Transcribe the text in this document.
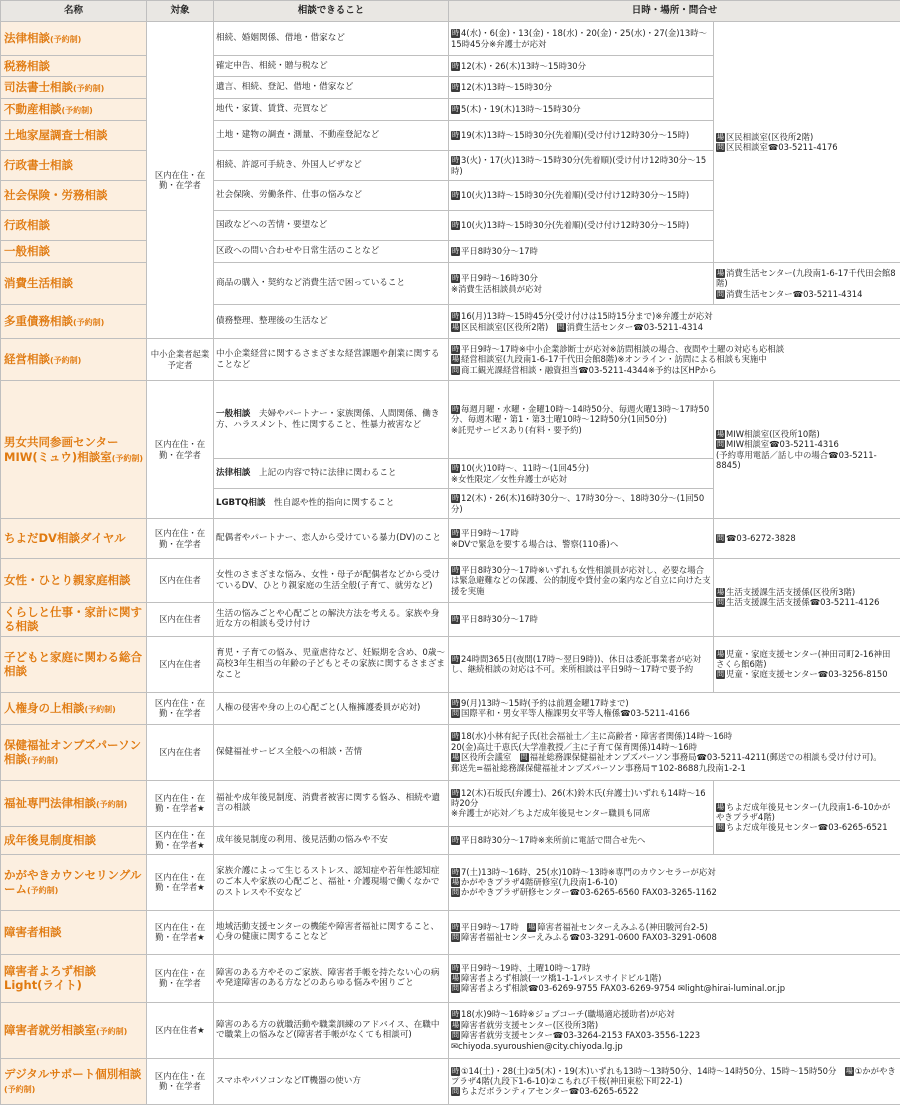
名称	対象	相談できること	日時・場所・問合せ	
法律相談(予約制)	区内在住・在勤・在学者	相続、婚姻関係、借地・借家など	時 4(水)・6(金)・13(金)・18(水)・20(金)・25(水)・27(金)13時〜15時45分※弁護士が応対	場 区民相談室(区役所2階)
問 区民相談室☎03-5211-4176

税務相談		確定申告、相続・贈与税など	時 12(木)・26(木)13時〜15時30分	
司法書士相談(予約制)		遺言、相続、登記、借地・借家など	時 12(木)13時〜15時30分	
不動産相談(予約制)		地代・家賃、賃貸、売買など	時 5(木)・19(木)13時〜15時30分	
土地家屋調査士相談		土地・建物の調査・測量、不動産登記など	時 19(木)13時〜15時30分(先着順)(受け付け12時30分〜15時)	
行政書士相談		相続、許認可手続き、外国人ビザなど	時 3(火)・17(火)13時〜15時30分(先着順)(受け付け12時30分〜15時)	
社会保険・労務相談		社会保険、労働条件、仕事の悩みなど	時 10(火)13時〜15時30分(先着順)(受け付け12時30分〜15時)	
行政相談		国政などへの苦情・要望など	時 10(火)13時〜15時30分(先着順)(受け付け12時30分〜15時)	
一般相談		区政への問い合わせや日常生活のことなど	時 平日8時30分〜17時	
消費生活相談		商品の購入・契約など消費生活で困っていること	時 平日9時〜16時30分
※消費生活相談員が応対	場 消費生活センター(九段南1-6-17千代田会館8階)
問 消費生活センター☎03-5211-4314

多重債務相談(予約制)		債務整理、整理後の生活など	時 16(月)13時〜15時45分(受け付けは15時15分まで)※弁護士が応対
場 区民相談室(区役所2階)　 問 消費生活センター☎03-5211-4314	

経営相談(予約制)	中小企業者起業予定者	中小企業経営に関するさまざまな経営課題や創業に関することなど	時 平日9時〜17時※中小企業診断士が応対※訪問相談の場合、夜間や土曜の対応も応相談
場 経営相談室(九段南1-6-17千代田会館8階)※オンライン・訪問による相談も実施中
問 商工観光課経営相談・融資担当☎03-5211-4344※予約は区HPから	

男女共同参画センターMIW(ミュウ)相談室(予約制)	区内在住・在勤・在学者	一般相談　 夫婦やパートナー・家族関係、人間関係、働き方、ハラスメント、性に関すること、性暴力被害など	時 毎週月曜・水曜・金曜10時〜14時50分、毎週火曜13時〜17時50分、毎週木曜・第1・第3土曜10時〜12時50分(1回50分)
※託児サービスあり(有料・要予約)	場 MIW相談室(区役所10階)
問 MIW相談室☎03-5211-4316
(予約専用電話／話し中の場合☎03-5211-8845)

		法律相談　 上記の内容で特に法律に関わること	時 10(火)10時〜、11時〜(1回45分)
※女性限定／女性弁護士が応対	

		LGBTQ相談　 性自認や性的指向に関すること	時 12(木)・26(木)16時30分〜、17時30分〜、18時30分〜(1回50分)	
ちよだDV相談ダイヤル	区内在住・在勤・在学者	配偶者やパートナー、恋人から受けている暴力(DV)のこと	時 平日9時〜17時
※DVで緊急を要する場合は、警察(110番)へ	問 ☎03-6272-3828
女性・ひとり親家庭相談	区内在住者	女性のさまざまな悩み、女性・母子が配偶者などから受けているDV、ひとり親家庭の生活全般(子育て、就労など)	時 平日8時30分〜17時※いずれも女性相談員が応対し、必要な場合は緊急避難などの保護、公的制度や貸付金の案内など自立に向けた支援を実施	場 生活支援課生活支援係(区役所3階)
問 生活支援課生活支援係☎03-5211-4126

くらしと仕事・家計に関する相談	区内在住者	生活の悩みごとや心配ごとの解決方法を考える。家族や身近な方の相談も受け付け	時 平日8時30分〜17時	
子どもと家庭に関わる総合相談	区内在住者	育児・子育ての悩み、児童虐待など、妊娠期を含め、0歳〜高校3年生相当の年齢の子どもとその家族に関するさまざまなこと	時 24時間365日(夜間(17時〜翌日9時))、休日は委託事業者が応対し、継続相談の対応は不可。来所相談は平日9時〜17時で要予約	場 児童・家庭支援センター(神田司町2-16神田さくら館6階)
問 児童・家庭支援センター☎03-3256-8150

人権身の上相談(予約制)	区内在住・在勤・在学者	人権の侵害や身の上の心配ごと(人権擁護委員が応対)	時 9(月)13時〜15時(予約は前週金曜17時まで)
問 国際平和・男女平等人権課男女平等人権係☎03-5211-4166	

保健福祉オンブズパーソン相談(予約制)	区内在住者	保健福祉サービス全般への相談・苦情	時 18(水)小林有紀子氏(社会福祉士／主に高齢者・障害者関係)14時〜16時
20(金)高辻千恵氏(大学准教授／主に子育て保育関係)14時〜16時
場 区役所会議室　 問 福祉総務課保健福祉オンブズパーソン事務局☎03-5211-4211(郵送での相談も受け付け可)。
郵送先=福祉総務課保健福祉オンブズパーソン事務局〒102-8688九段南1-2-1	

福祉専門法律相談(予約制)	区内在住・在勤・在学者★	福祉や成年後見制度、消費者被害に関する悩み、相続や遺言の相談	時 12(木)石坂氏(弁護士)、26(木)鈴木氏(弁護士)いずれも14時〜16時20分
※弁護士が応対／ちよだ成年後見センター職員も同席	場 ちよだ成年後見センター(九段南1-6-10かがやきプラザ4階)
問 ちよだ成年後見センター☎03-6265-6521

成年後見制度相談	区内在住・在勤・在学者★	成年後見制度の利用、後見活動の悩みや不安	時 平日8時30分〜17時※来所前に電話で問合せ先へ	
かがやきカウンセリングルーム(予約制)	区内在住・在勤・在学者★	家族介護によって生じるストレス、認知症や若年性認知症のご本人や家族の心配ごと、福祉・介護現場で働くなかでのストレスや不安など	時 7(土)13時〜16時、25(水)10時〜13時※専門のカウンセラーが応対
場 かがやきプラザ4階研修室(九段南1-6-10)
問 かがやきプラザ研修センター☎03-6265-6560 FAX03-3265-1162	

障害者相談	区内在住・在勤・在学者★	地域活動支援センターの機能や障害者福祉に関すること、心身の健康に関することなど	時 平日9時〜17時　 場 障害者福祉センターえみふる(神田駿河台2-5)
問 障害者福祉センターえみふる☎03-3291-0600 FAX03-3291-0608	

障害者よろず相談Light(ライト)	区内在住・在勤・在学者	障害のある方やそのご家族、障害者手帳を持たない心の病や発達障害のある方などのあらゆる悩みや困りごと	時 平日9時〜19時、土曜10時〜17時
場 障害者よろず相談(一ツ橋1-1-1パレスサイドビル1階)
問 障害者よろず相談☎03-6269-9755 FAX03-6269-9754 ✉light@hirai-luminal.or.jp	

障害者就労相談室(予約制)	区内在住者★	障害のある方の就職活動や職業訓練のアドバイス、在職中で職業上の悩みなど(障害者手帳がなくても相談可)	時 18(水)9時〜16時※ジョブコーチ(職場適応援助者)が応対
場 障害者就労支援センター(区役所3階)
問 障害者就労支援センター☎03-3264-2153 FAX03-3556-1223
✉chiyoda.syuroushien@city.chiyoda.lg.jp	

デジタルサポート個別相談(予約制)	区内在住・在勤・在学者	スマホやパソコンなどIT機器の使い方	時 ①14(土)・28(土)②5(木)・19(木)いずれも13時〜13時50分、14時〜14時50分、15時〜15時50分　 場 ①かがやきプラザ4階(九段下1-6-10)②こもれび千桜(神田東松下町22-1)
問 ちよだボランティアセンター☎03-6265-6522	
